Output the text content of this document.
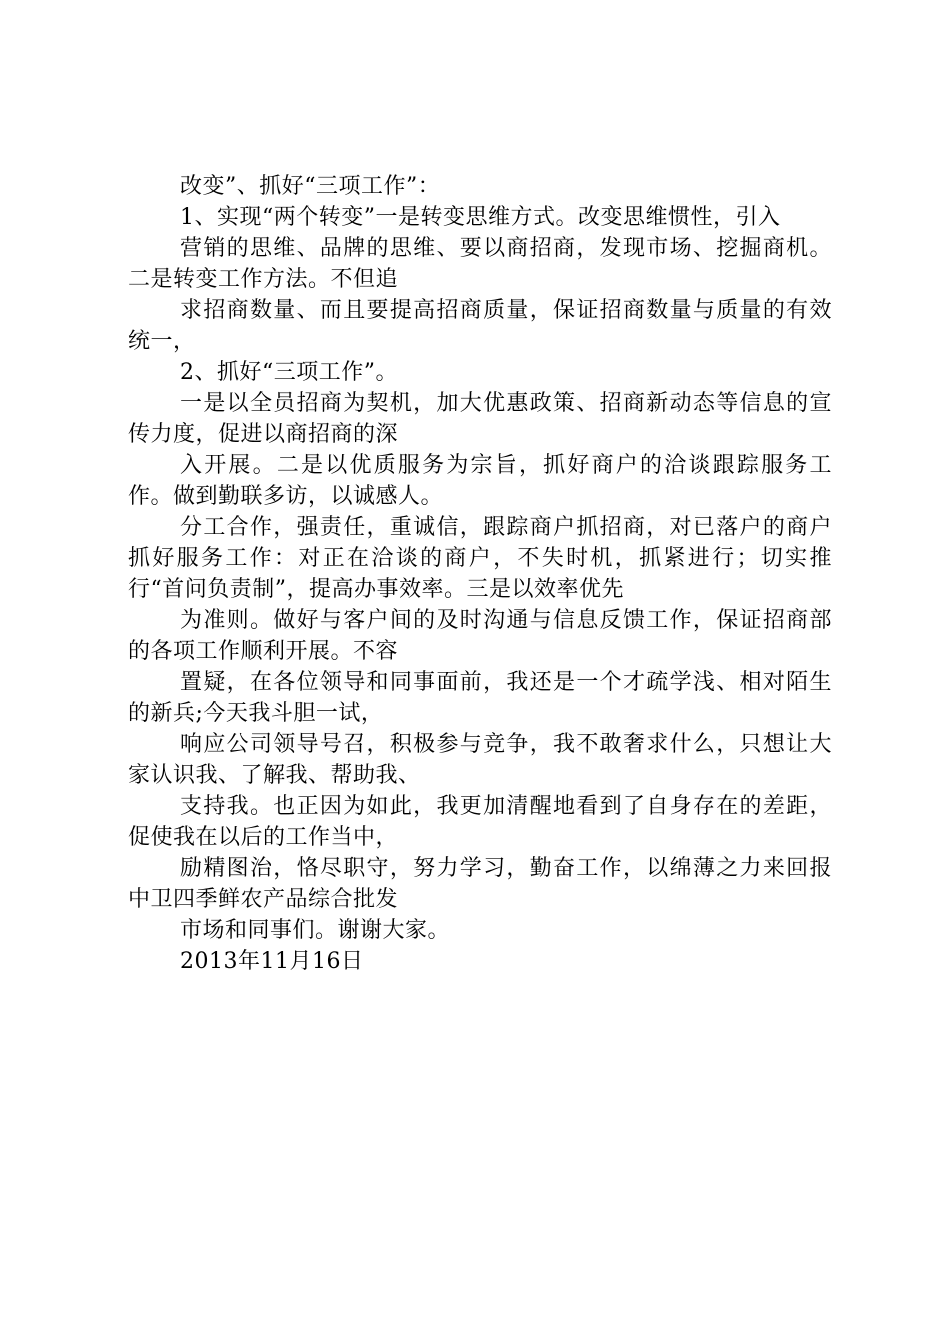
改变”、抓好“三项工作”：

1、实现“两个转变”一是转变思维方式。改变思维惯性，引入

营销的思维、品牌的思维、要以商招商，发现市场、挖掘商机。二是转变工作方法。不但追

求招商数量、而且要提高招商质量，保证招商数量与质量的有效统一，

2、抓好“三项工作”。

一是以全员招商为契机，加大优惠政策、招商新动态等信息的宣传力度，促进以商招商的深

入开展。二是以优质服务为宗旨，抓好商户的洽谈跟踪服务工作。做到勤联多访，以诚感人。

分工合作，强责任，重诚信，跟踪商户抓招商，对已落户的商户抓好服务工作：对正在洽谈的商户，不失时机，抓紧进行；切实推行“首问负责制”，提高办事效率。三是以效率优先

为准则。做好与客户间的及时沟通与信息反馈工作，保证招商部的各项工作顺利开展。不容

置疑，在各位领导和同事面前，我还是一个才疏学浅、相对陌生的新兵;今天我斗胆一试，

响应公司领导号召，积极参与竞争，我不敢奢求什么，只想让大家认识我、了解我、帮助我、

支持我。也正因为如此，我更加清醒地看到了自身存在的差距，促使我在以后的工作当中，

励精图治，恪尽职守，努力学习，勤奋工作，以绵薄之力来回报中卫四季鲜农产品综合批发

市场和同事们。谢谢大家。

2013年11月16日
